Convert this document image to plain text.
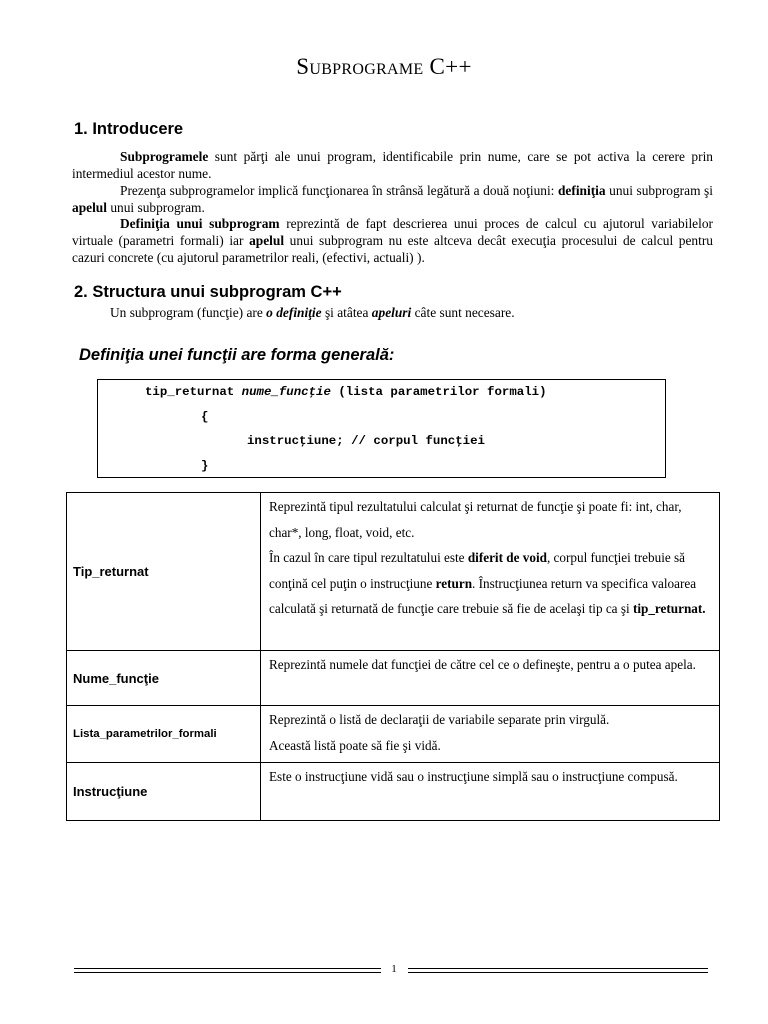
Subprograme C++
1. Introducere
Subprogramele sunt părţi ale unui program, identificabile prin nume, care se pot activa la cerere prin intermediul acestor nume.
Prezenţa subprogramelor implică funcţionarea în strânsă legătură a două noţiuni: definiţia unui subprogram şi apelul unui subprogram.
Definiţia unui subprogram reprezintă de fapt descrierea unui proces de calcul cu ajutorul variabilelor virtuale (parametri formali) iar apelul unui subprogram nu este altceva decât execuţia procesului de calcul pentru cazuri concrete (cu ajutorul parametrilor reali, (efectivi, actuali) ).
2. Structura unui subprogram C++
Un subprogram (funcţie) are o definiţie şi atâtea apeluri câte sunt necesare.
Definiţia unei funcţii are forma generală:
tip_returnat nume_funcţie (lista parametrilor formali)
{
instrucţiune; // corpul funcţiei
}
Tip_returnat	Reprezintă tipul rezultatului calculat şi returnat de funcţie şi poate fi: int, char, char*, long, float, void, etc.
În cazul în care tipul rezultatului este diferit de void, corpul funcţiei trebuie să conţină cel puţin o instrucţiune return. Înstrucţiunea return va specifica valoarea calculată şi returnată de funcţie care trebuie să fie de acelaşi tip ca şi tip_returnat.

Nume_funcţie	Reprezintă numele dat funcţiei de către cel ce o defineşte, pentru a o putea apela.

Lista_parametrilor_formali	Reprezintă o listă de declaraţii de variabile separate prin virgulă.
Această listă poate să fie şi vidă.

Instrucţiune	Este o instrucţiune vidă sau o instrucţiune simplă sau o instrucţiune compusă.
1
